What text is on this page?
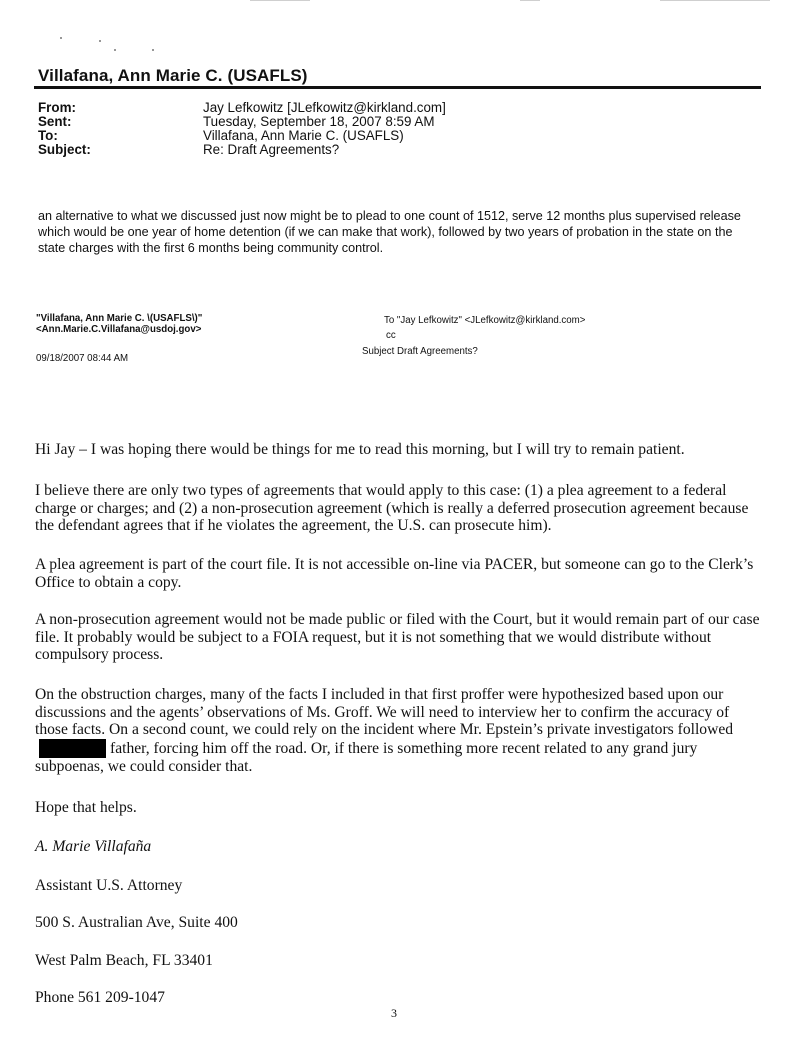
Villafana, Ann Marie C. (USAFLS)
From:	Jay Lefkowitz [JLefkowitz@kirkland.com]
Sent:	Tuesday, September 18, 2007 8:59 AM
To:	Villafana, Ann Marie C. (USAFLS)
Subject:	Re: Draft Agreements?

an alternative to what we discussed just now might be to plead to one count of 1512, serve 12 months plus supervised release which would be one year of home detention (if we can make that work), followed by two years of probation in the state on the state charges with the first 6 months being community control.

"Villafana, Ann Marie C. \(USAFLS\)"
<Ann.Marie.C.Villafana@usdoj.gov>
09/18/2007 08:44 AM
To "Jay Lefkowitz" <JLefkowitz@kirkland.com>
cc
Subject Draft Agreements?

Hi Jay – I was hoping there would be things for me to read this morning, but I will try to remain patient.

I believe there are only two types of agreements that would apply to this case: (1) a plea agreement to a federal charge or charges; and (2) a non-prosecution agreement (which is really a deferred prosecution agreement because the defendant agrees that if he violates the agreement, the U.S. can prosecute him).

A plea agreement is part of the court file. It is not accessible on-line via PACER, but someone can go to the Clerk’s Office to obtain a copy.

A non-prosecution agreement would not be made public or filed with the Court, but it would remain part of our case file. It probably would be subject to a FOIA request, but it is not something that we would distribute without compulsory process.

On the obstruction charges, many of the facts I included in that first proffer were hypothesized based upon our discussions and the agents’ observations of Ms. Groff. We will need to interview her to confirm the accuracy of those facts. On a second count, we could rely on the incident where Mr. Epstein’s private investigators followedfather, forcing him off the road. Or, if there is something more recent related to any grand jury subpoenas, we could consider that.

Hope that helps.

A. Marie Villafaña

Assistant U.S. Attorney

500 S. Australian Ave, Suite 400

West Palm Beach, FL 33401

Phone 561 209-1047

3
